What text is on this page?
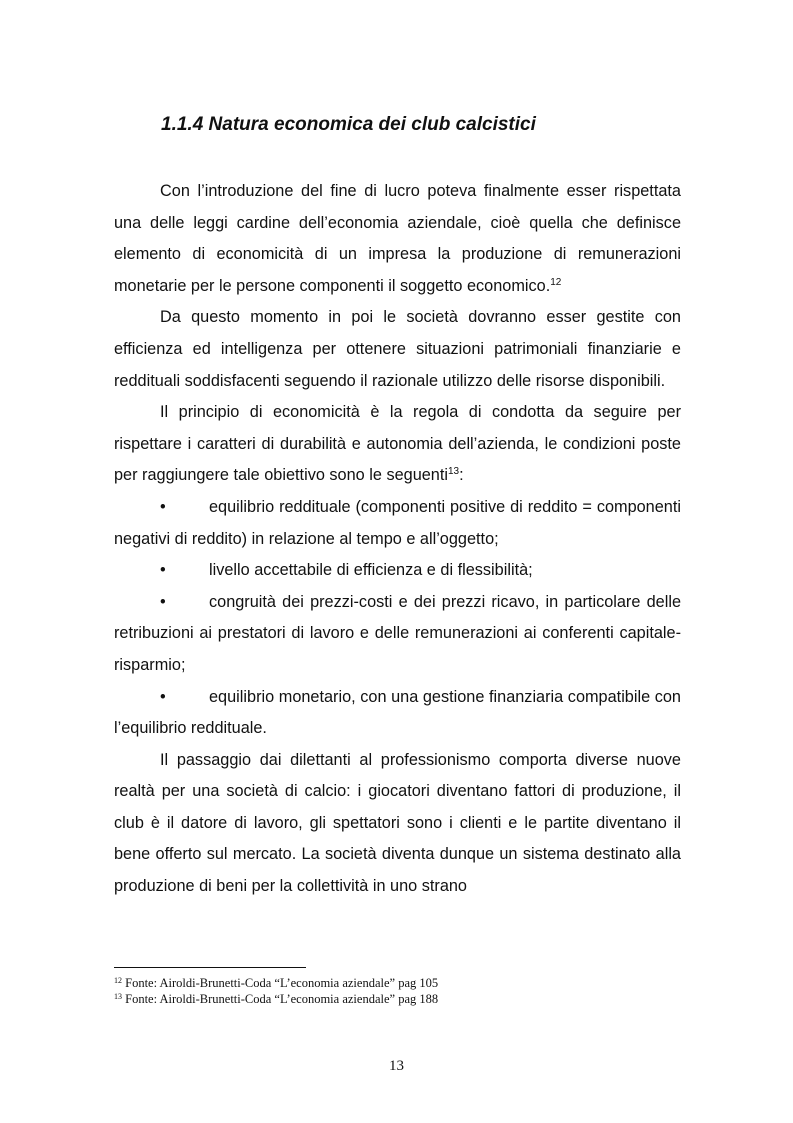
1.1.4 Natura economica dei club calcistici

Con l’introduzione del fine di lucro poteva finalmente esser rispettata una delle leggi cardine dell’economia aziendale, cioè quella che definisce elemento di economicità di un impresa la produzione di remunerazioni monetarie per le persone componenti il soggetto economico.$^{12}$

Da questo momento in poi le società dovranno esser gestite con efficienza ed intelligenza per ottenere situazioni patrimoniali finanziarie e reddituali soddisfacenti seguendo il razionale utilizzo delle risorse disponibili.

Il principio di economicità è la regola di condotta da seguire per rispettare i caratteri di durabilità e autonomia dell’azienda, le condizioni poste per raggiungere tale obiettivo sono le seguenti$^{13}$:

•	equilibrio reddituale (componenti positive di reddito = componenti negativi di reddito) in relazione al tempo e all’oggetto;

•	livello accettabile di efficienza e di flessibilità;

•	congruità dei prezzi-costi e dei prezzi ricavo, in particolare delle retribuzioni ai prestatori di lavoro e delle remunerazioni ai conferenti capitale-risparmio;

•	equilibrio monetario, con una gestione finanziaria compatibile con l’equilibrio reddituale.

Il passaggio dai dilettanti al professionismo comporta diverse nuove realtà per una società di calcio: i giocatori diventano fattori di produzione, il club è il datore di lavoro, gli spettatori sono i clienti e le partite diventano il bene offerto sul mercato. La società diventa dunque un sistema destinato alla produzione di beni per la collettività in uno strano

$^{12}$ Fonte: Airoldi-Brunetti-Coda “L’economia aziendale” pag 105
$^{13}$ Fonte: Airoldi-Brunetti-Coda “L’economia aziendale” pag 188
13
